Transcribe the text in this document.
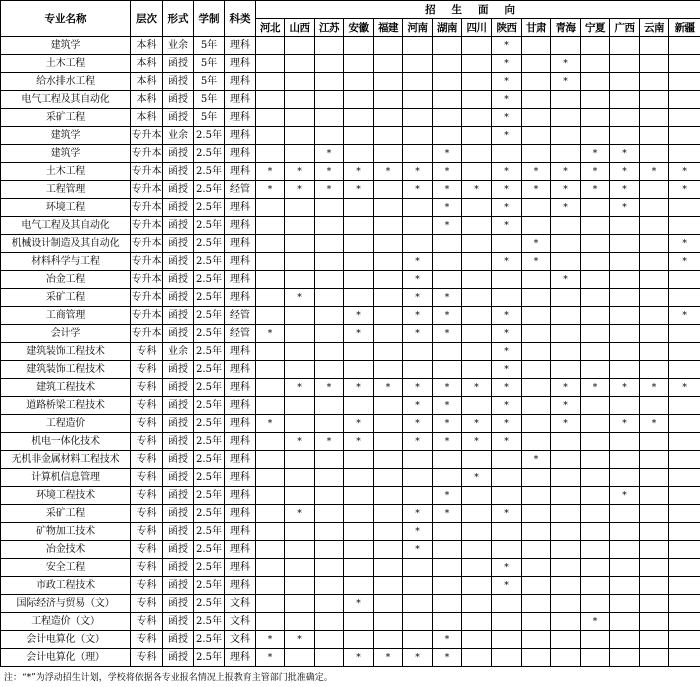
专业名称	层次	形式	学制	科类	招生面向														
					河北	山西	江苏	安徽	福建	河南	湖南	四川	陕西	甘肃	青海	宁夏	广西	云南	新疆
建筑学	本科	业余	5年	理科									*						
土木工程	本科	函授	5年	理科									*		*				
给水排水工程	本科	函授	5年	理科									*		*				
电气工程及其自动化	本科	函授	5年	理科									*						
采矿工程	本科	函授	5年	理科									*						
建筑学	专升本	业余	2.5年	理科									*						
建筑学	专升本	函授	2.5年	理科			*				*					*	*		
土木工程	专升本	函授	2.5年	理科	*	*	*	*	*	*	*		*	*	*	*	*	*	*
工程管理	专升本	函授	2.5年	经管	*	*	*	*		*	*	*	*	*	*	*	*		*
环境工程	专升本	函授	2.5年	理科							*		*		*		*		
电气工程及其自动化	专升本	函授	2.5年	理科							*		*						
机械设计制造及其自动化	专升本	函授	2.5年	理科										*					*
材料科学与工程	专升本	函授	2.5年	理科						*			*	*					*
冶金工程	专升本	函授	2.5年	理科						*					*				
采矿工程	专升本	函授	2.5年	理科		*				*	*								
工商管理	专升本	函授	2.5年	经管				*		*	*		*						*
会计学	专升本	函授	2.5年	经管	*			*		*	*		*						
建筑装饰工程技术	专科	业余	2.5年	理科									*						
建筑装饰工程技术	专科	函授	2.5年	理科									*						
建筑工程技术	专科	函授	2.5年	理科		*	*	*	*	*	*	*	*		*	*	*	*	*
道路桥梁工程技术	专科	函授	2.5年	理科						*	*		*		*				
工程造价	专科	函授	2.5年	理科	*			*		*	*	*	*		*		*	*	
机电一体化技术	专科	函授	2.5年	理科		*	*	*		*	*	*	*						
无机非金属材料工程技术	专科	函授	2.5年	理科										*					
计算机信息管理	专科	函授	2.5年	理科								*							
环境工程技术	专科	函授	2.5年	理科							*						*		
采矿工程	专科	函授	2.5年	理科		*				*	*		*						
矿物加工技术	专科	函授	2.5年	理科						*									
冶金技术	专科	函授	2.5年	理科						*									
安全工程	专科	函授	2.5年	理科									*						
市政工程技术	专科	函授	2.5年	理科									*						
国际经济与贸易（文）	专科	函授	2.5年	文科				*											
工程造价（文）	专科	函授	2.5年	文科												*			
会计电算化（文）	专科	函授	2.5年	文科	*	*					*								
会计电算化（理）	专科	函授	2.5年	理科	*			*	*	*	*								
注：“*”为浮动招生计划，学校将依据各专业报名情况上报教育主管部门批准确定。
